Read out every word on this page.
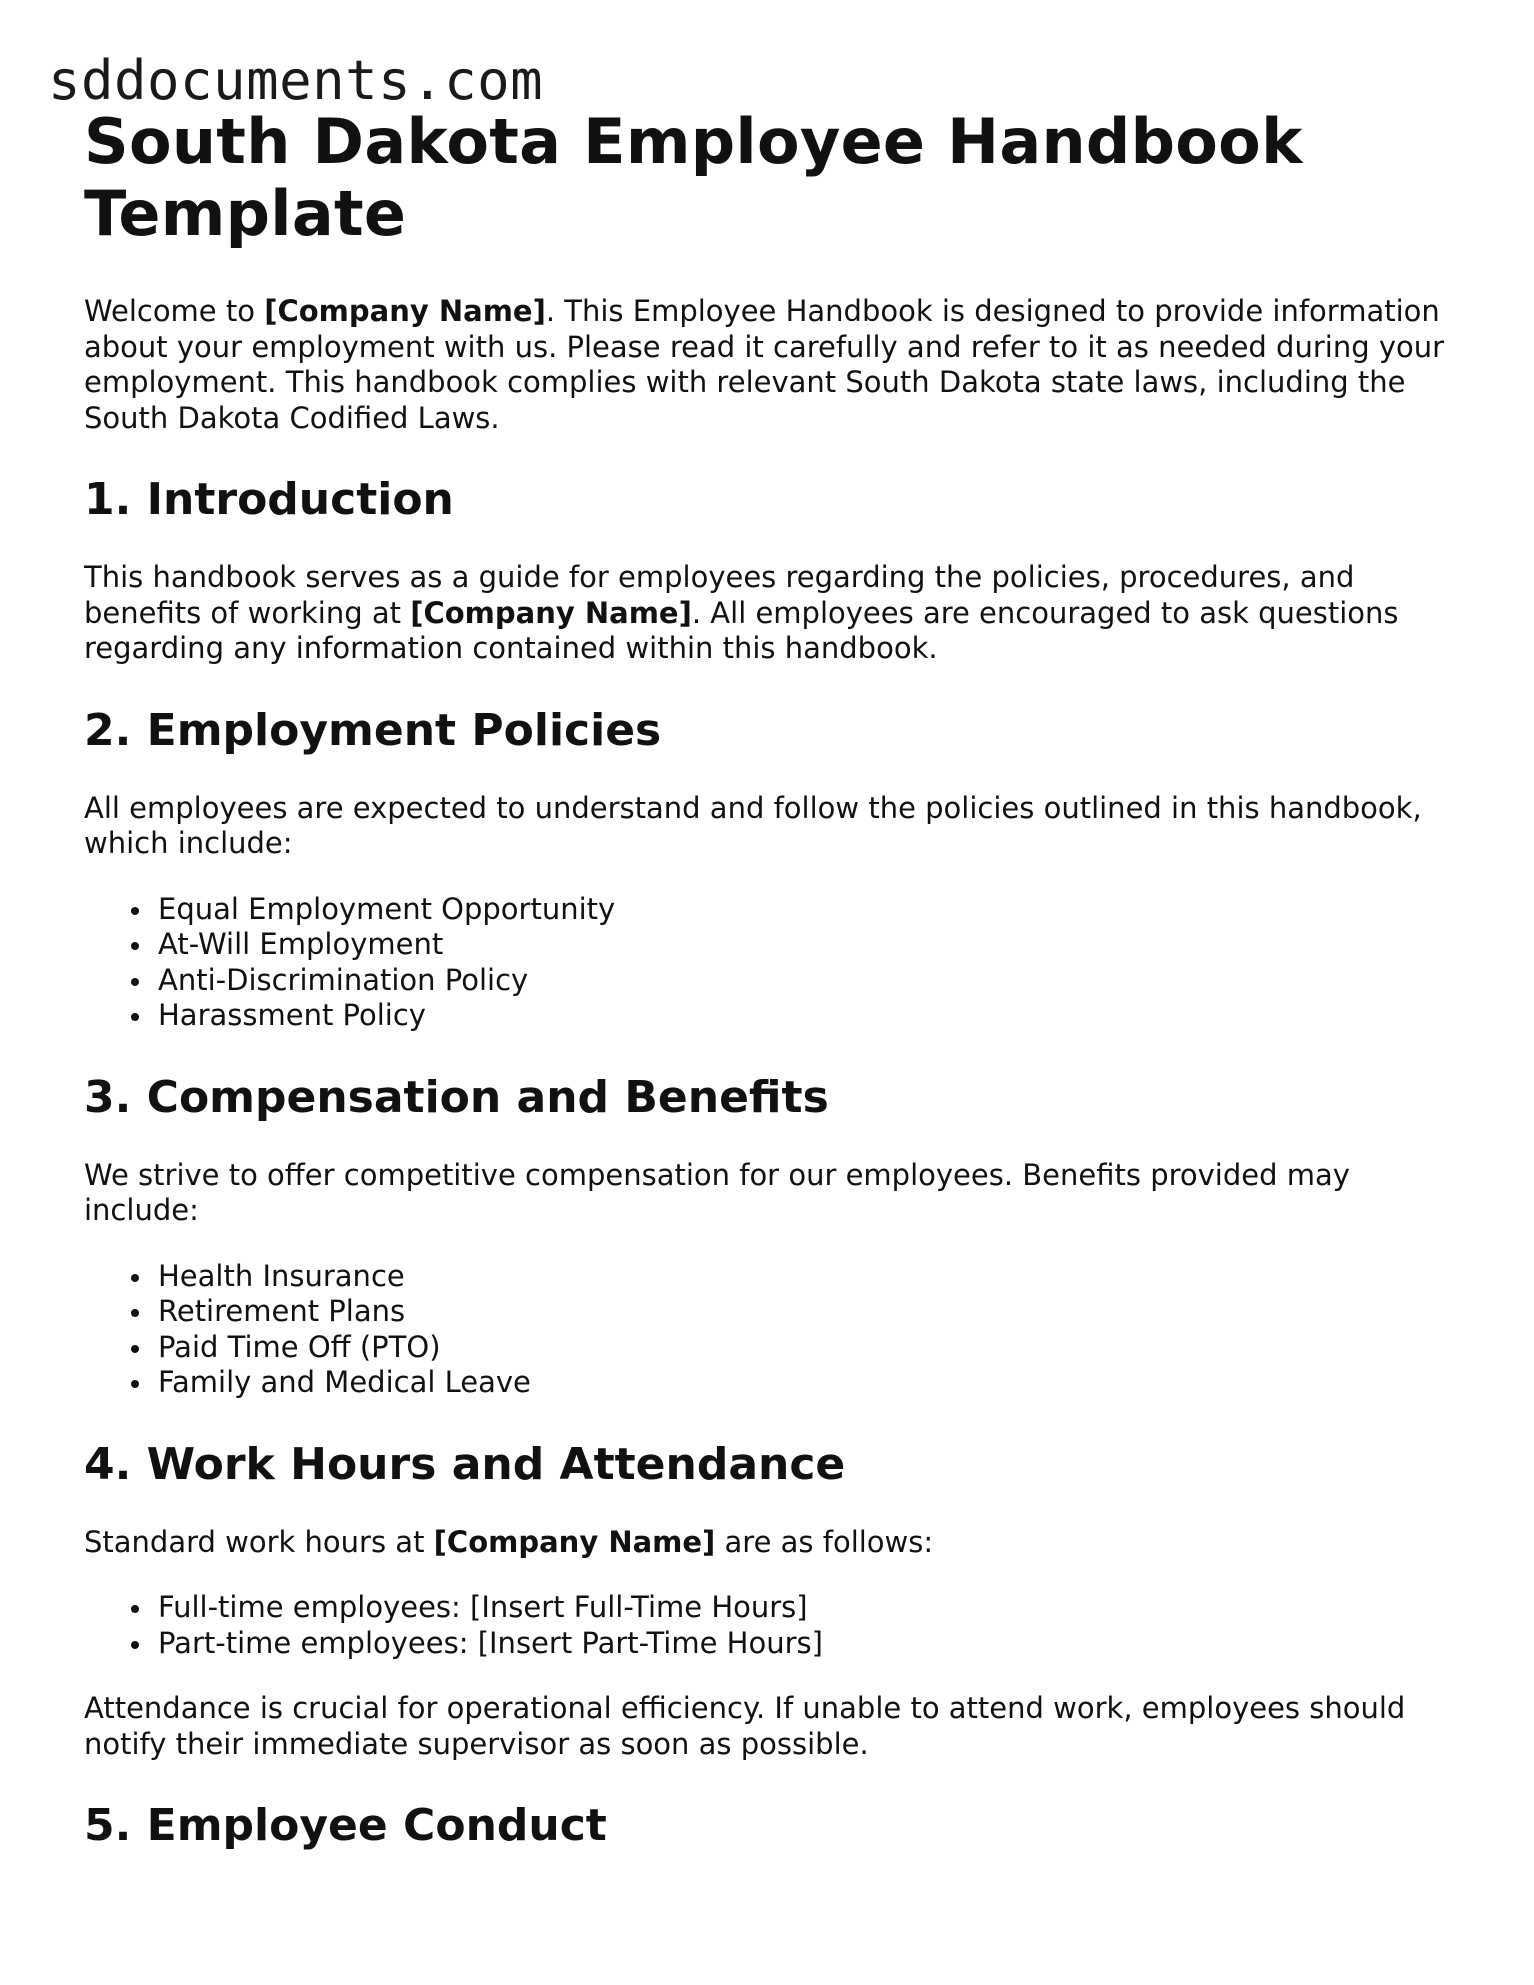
sddocuments.com
South Dakota Employee Handbook Template

Welcome to [Company Name]. This Employee Handbook is designed to provide information about your employment with us. Please read it carefully and refer to it as needed during your employment. This handbook complies with relevant South Dakota state laws, including the South Dakota Codified Laws.

1. Introduction

This handbook serves as a guide for employees regarding the policies, procedures, and benefits of working at [Company Name]. All employees are encouraged to ask questions regarding any information contained within this handbook.

2. Employment Policies

All employees are expected to understand and follow the policies outlined in this handbook, which include:

Equal Employment Opportunity
At-Will Employment
Anti-Discrimination Policy
Harassment Policy
3. Compensation and Benefits

We strive to offer competitive compensation for our employees. Benefits provided may include:

Health Insurance
Retirement Plans
Paid Time Off (PTO)
Family and Medical Leave
4. Work Hours and Attendance

Standard work hours at [Company Name] are as follows:

Full-time employees: [Insert Full-Time Hours]
Part-time employees: [Insert Part-Time Hours]

Attendance is crucial for operational efficiency. If unable to attend work, employees should notify their immediate supervisor as soon as possible.

5. Employee Conduct
